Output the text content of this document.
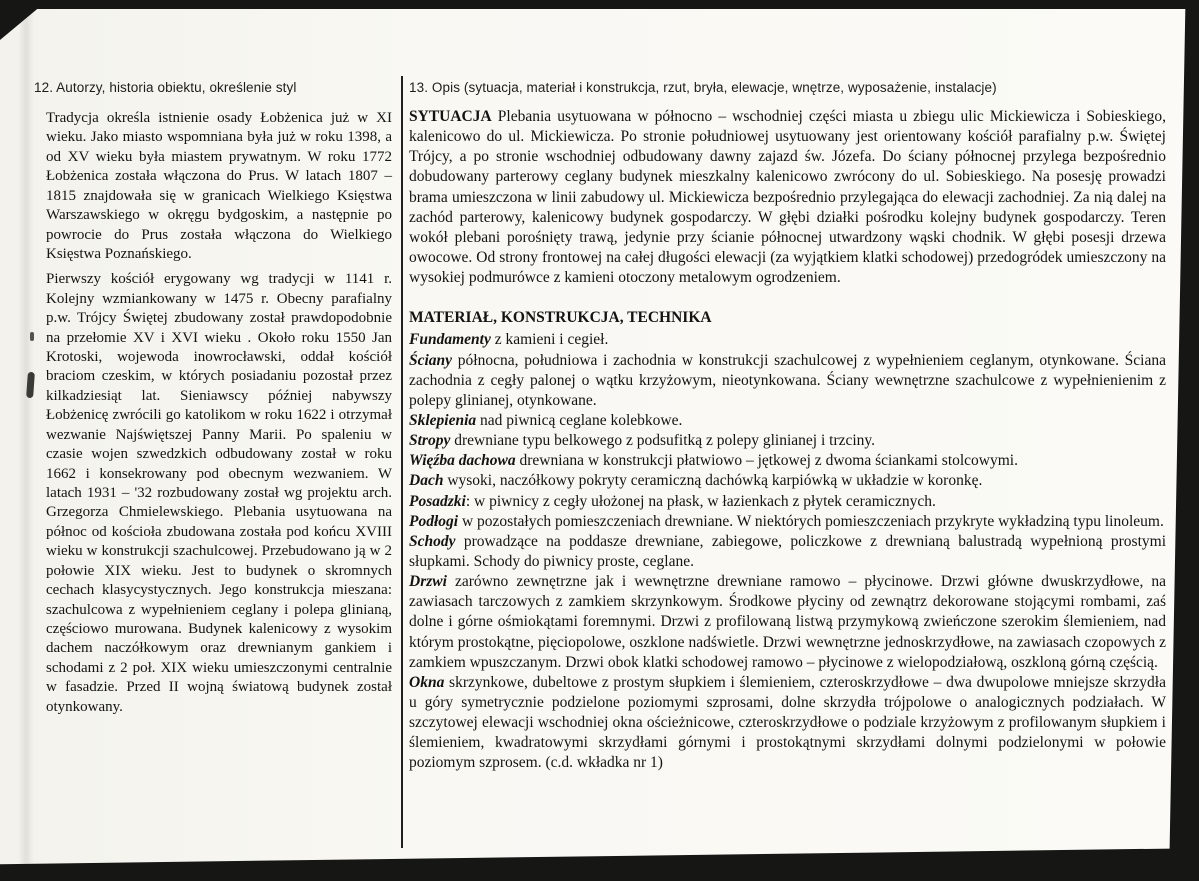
12. Autorzy, historia obiektu, określenie styl

Tradycja określa istnienie osady Łobżenica już w XI wieku. Jako miasto wspomniana była już w roku 1398, a od XV wieku była miastem prywatnym. W roku 1772 Łobżenica została włączona do Prus. W latach 1807 – 1815 znajdowała się w granicach Wielkiego Księstwa Warszawskiego w okręgu bydgoskim, a następnie po powrocie do Prus została włączona do Wielkiego Księstwa Poznańskiego.

Pierwszy kościół erygowany wg tradycji w 1141 r. Kolejny wzmiankowany w 1475 r. Obecny parafialny p.w. Trójcy Świętej zbudowany został prawdopodobnie na przełomie XV i XVI wieku . Około roku 1550 Jan Krotoski, wojewoda inowrocławski, oddał kościół braciom czeskim, w których posiadaniu pozostał przez kilkadziesiąt lat. Sieniawscy później nabywszy Łobżenicę zwrócili go katolikom w roku 1622 i otrzymał wezwanie Najświętszej Panny Marii. Po spaleniu w czasie wojen szwedzkich odbudowany został w roku 1662 i konsekrowany pod obecnym wezwaniem. W latach 1931 – '32 rozbudowany został wg projektu arch. Grzegorza Chmielewskiego. Plebania usytuowana na północ od kościoła zbudowana została pod końcu XVIII wieku w konstrukcji szachulcowej. Przebudowano ją w 2 połowie XIX wieku. Jest to budynek o skromnych cechach klasycystycznych. Jego konstrukcja mieszana: szachulcowa z wypełnieniem ceglany i polepa glinianą, częściowo murowana. Budynek kalenicowy z wysokim dachem naczółkowym oraz drewnianym gankiem i schodami z 2 poł. XIX wieku umieszczonymi centralnie w fasadzie. Przed II wojną światową budynek został otynkowany.

13. Opis (sytuacja, materiał i konstrukcja, rzut, bryła, elewacje, wnętrze, wyposażenie, instalacje)

SYTUACJA Plebania usytuowana w północno – wschodniej części miasta u zbiegu ulic Mickiewicza i Sobieskiego, kalenicowo do ul. Mickiewicza. Po stronie południowej usytuowany jest orientowany kościół parafialny p.w. Świętej Trójcy, a po stronie wschodniej odbudowany dawny zajazd św. Józefa. Do ściany północnej przylega bezpośrednio dobudowany parterowy ceglany budynek mieszkalny kalenicowo zwrócony do ul. Sobieskiego. Na posesję prowadzi brama umieszczona w linii zabudowy ul. Mickiewicza bezpośrednio przylegająca do elewacji zachodniej. Za nią dalej na zachód parterowy, kalenicowy budynek gospodarczy. W głębi działki pośrodku kolejny budynek gospodarczy. Teren wokół plebani porośnięty trawą, jedynie przy ścianie północnej utwardzony wąski chodnik. W głębi posesji drzewa owocowe. Od strony frontowej na całej długości elewacji (za wyjątkiem klatki schodowej) przedogródek umieszczony na wysokiej podmurówce z kamieni otoczony metalowym ogrodzeniem.

MATERIAŁ, KONSTRUKCJA, TECHNIKA

Fundamenty z kamieni i cegieł.

Ściany północna, południowa i zachodnia w konstrukcji szachulcowej z wypełnieniem ceglanym, otynkowane. Ściana zachodnia z cegły palonej o wątku krzyżowym, nieotynkowana. Ściany wewnętrzne szachulcowe z wypełnienienim z polepy glinianej, otynkowane.

Sklepienia nad piwnicą ceglane kolebkowe.

Stropy drewniane typu belkowego z podsufitką z polepy glinianej i trzciny.

Więźba dachowa drewniana w konstrukcji płatwiowo – jętkowej z dwoma ściankami stolcowymi.

Dach wysoki, naczółkowy pokryty ceramiczną dachówką karpiówką w układzie w koronkę.

Posadzki: w piwnicy z cegły ułożonej na płask, w łazienkach z płytek ceramicznych.

Podłogi w pozostałych pomieszczeniach drewniane. W niektórych pomieszczeniach przykryte wykładziną typu linoleum.

Schody prowadzące na poddasze drewniane, zabiegowe, policzkowe z drewnianą balustradą wypełnioną prostymi słupkami. Schody do piwnicy proste, ceglane.

Drzwi zarówno zewnętrzne jak i wewnętrzne drewniane ramowo – płycinowe. Drzwi główne dwuskrzydłowe, na zawiasach tarczowych z zamkiem skrzynkowym. Środkowe płyciny od zewnątrz dekorowane stojącymi rombami, zaś dolne i górne ośmiokątami foremnymi. Drzwi z profilowaną listwą przymykową zwieńczone szerokim ślemieniem, nad którym prostokątne, pięciopolowe, oszklone nadświetle. Drzwi wewnętrzne jednoskrzydłowe, na zawiasach czopowych z zamkiem wpuszczanym. Drzwi obok klatki schodowej ramowo – płycinowe z wielopodziałową, oszkloną górną częścią.

Okna skrzynkowe, dubeltowe z prostym słupkiem i ślemieniem, czteroskrzydłowe – dwa dwupolowe mniejsze skrzydła u góry symetrycznie podzielone poziomymi szprosami, dolne skrzydła trójpolowe o analogicznych podziałach. W szczytowej elewacji wschodniej okna ościeżnicowe, czteroskrzydłowe o podziale krzyżowym z profilowanym słupkiem i ślemieniem, kwadratowymi skrzydłami górnymi i prostokątnymi skrzydłami dolnymi podzielonymi w połowie poziomym szprosem. (c.d. wkładka nr 1)
